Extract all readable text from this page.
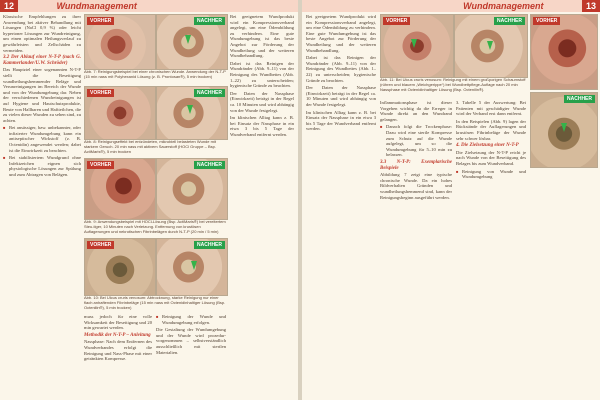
12	Wundmanagement
Klassische Empfehlungen zu ihrer Anwendung bei aktiver Behandlung mit Lösungen (NaCl 0,9 %) oder leicht hypertoner Lösungen zur Wundreinigung, um einen optimalen Heilungsverlauf zu gewährleisten und Zellschäden zu vermeiden.
3.2 Der Ablauf einer N-T-P (nach G. Kammerlander/U.W. Schröder)
Das Hauptziel einer sogenannten N-T-P stellt die Beseitigung wundheilungshemmender Beläge und Verunreinigungen im Bereich der Wunde und von der Wundumgebung dar. Neben der verschiedenen Wundreinigungen ist auf Hygiene und Hautschutzprodukte, Beute von Hallbaren und Haftteilchen, die zu vielen dieser Wunden zu sehen sind, zu achten.
■ Bei ansässiger, bzw. unbekannter, oder infizierter Wundumgebung kann ein antiseptischer Wirkstoff (z. B. Octenidin) angewendet werden; dabei ist die Einwirkzeit zu beachten.
■ Bei stabilisiertem Wundgrund ohne Infektzeichen eignen sich physiologische Lösungen zur Spülung und zum Abtragen von Belägen.
VORHER	NACHHER
Abb. 7: Reinigungsbeispiel bei einer chronischen Wunde. Anwendung der N-T-P (15 min nass mit Polyhexanid Lösung (z. B. Prontosan®), 5 min trocken)
VORHER	NACHHER
Abb. 8: Reinigungseffekt bei entzündeten, mikrobiell belasteten Wunde mit starkem Geruch. 20 min nass mit aktivem Sauerstoff (HOCl Gruppe – Bsp. ActiMaris®), 5 min trocken
VORHER	NACHHER
Abb. 9: Anwendungsbeispiel mit HOCl-Lösung (Bsp. ActiMaris®) bei vereitertem Steu-tiger, 10 Minuten nach Verletzung. Entfernung von krustösen Auflagerungen und nekrotischen Fibrinbelägen durch N-T-P (20 min / 5 min)
VORHER	NACHHER
Abb. 10: Bei Ulcus cruris venosum: Abtrocknung, starke Reinigung nur einer flach anhaftenden Fibrinbeläge (15 min nass mit Octenidinhaltiger Lösung (Bsp. Octenilin®), 5 min trocken)
muss jedoch für eine volle Wirksamkeit der Beseitigung und 20 min gewartet werden.
Methodik der N-T-P – Anleitung
Nassphase: Nach dem Entfernen des Wundverbandes erfolgt die Reinigung und Nass-Phase mit einer getränkten Kompresse.
■ Reinigung der Wunde und Wundumgebung erfolgen.
Die Gestaltung der Wundumgebung und der Wunde wird prozedur- vorgenommen – selbstverständlich ausschließlich mit sterilen Materialien.
Bei geeignetem Wundprodukt wird ein Kompressionsverband angelegt, um eine Ödembildung zu verhindern. Eine gute Wundumgebung ist das beste Angebot zur Förderung der Wundheilung und der weiteren Wundbehandlung.
Dabei ist das Reinigen der Wundränder (Abb. 9–11) von der Reinigung des Wundbettes (Abb. 1–22) zu unterscheiden; hygienische Gründe zu beachten.
Der Daten der Nassphase (Einwirkzeit) beträgt in der Regel ca. 10 Minuten und wird abhängig von der Wunde festgelegt.
Im klinischen Alltag kann z. B. bei Einsatz der Nassphase in ein etwa 3 bis 5 Tage der Wundverband entfernt werden.
Wundmanagement	13
VORHER	NACHHER
Abb. 11: Bei Ulcus cruris venosum: Reinigung mit einem großporigen Schaumstoff (rühren und blauem „Weichgerippe“) bei Wundbettpflege-Auflage nach 20 min Nassphase mit Octenidinhaltiger Lösung (Bsp. Octenilin®).
Bei geeignetem Wundprodukt wird ein Kompressionsverband angelegt, um eine Ödembildung zu verhindern. Eine gute Wundumgebung ist das beste Angebot zur Förderung der Wundheilung und der weiteren Wundbehandlung.
Dabei ist das Reinigen der Wundränder (Abb. 9–11) von der Reinigung des Wundbettes (Abb. 1–22) zu unterscheiden; hygienische Gründe zu beachten.
Der Daten der Nassphase (Einwirkzeit) beträgt in der Regel ca. 10 Minuten und wird abhängig von der Wunde festgelegt.
Im klinischen Alltag kann z. B. bei Einsatz der Nassphase in ein etwa 3 bis 5 Tage der Wundverband entfernt werden.
Inflammationsphase ist dieser Vorgehen wichtig da die Erreger in Wunde direkt an den Wundrand gelangen.
■ Danach folgt die Trockenphase: Dazu wird eine sterile Kompresse zum Schutz auf die Wunde aufgelegt, um so die Wundumgebung für 5–10 min zu belassen.
3.3 N-T-P: Exemplarische Beispiele
Abbildung 7 zeigt eine typische chronische Wunde. Da ein hohes Bildverhalten Gründen und wundheilungshemmend sind, kann der Reinigungsbeginn ausgeführt werden.
3. Tabelle 5 der Auswertung: Bei Patienten mit geschädigter Wunde wird der Verband erst dann entfernt.
In den Beispielen (Abb. 9) lagen der Rückstände der Auflagerungen und krustösen Fibrinbeläge der Wunde sehr schwer lösbar.
4. Die Zielsetzung einer N-T-P
Die Zielsetzung der N-T-P reicht je nach Wunde von der Beseitigung des Belages bis zum Wundverband.
■ Reinigung von Wunde und Wundumgebung
VORHER
NACHHER
